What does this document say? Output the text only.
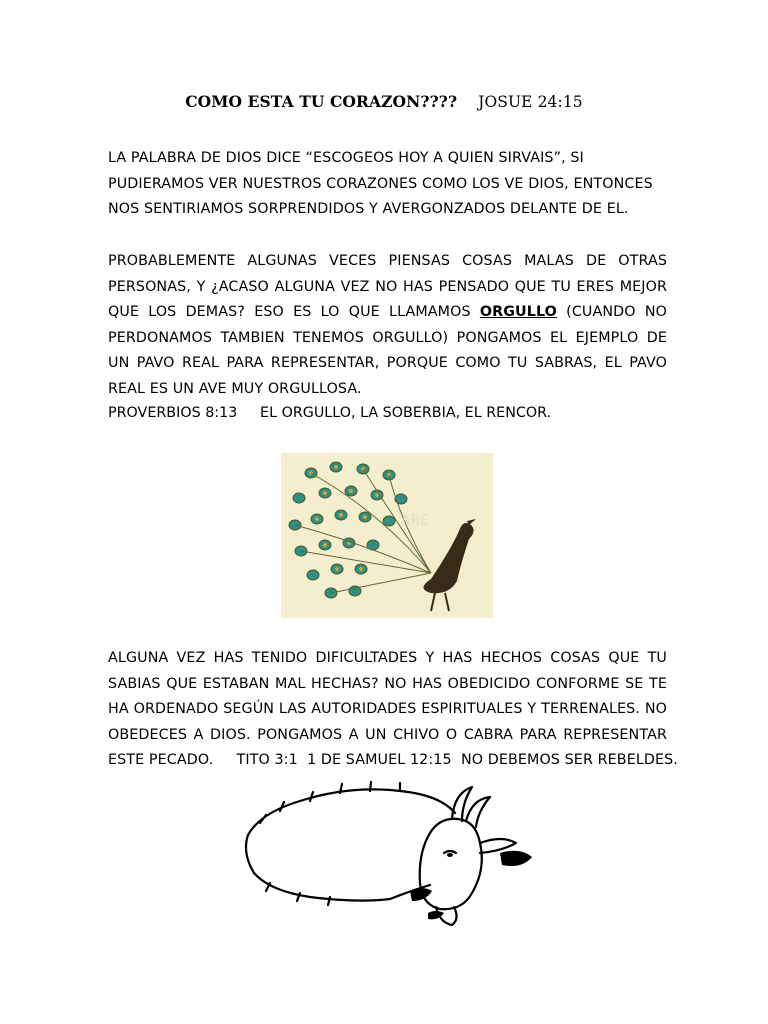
COMO ESTA TU CORAZON???? JOSUE 24:15
LA PALABRA DE DIOS DICE “ESCOGEOS HOY A QUIEN SIRVAIS”, SI
PUDIERAMOS VER NUESTROS CORAZONES COMO LOS VE DIOS, ENTONCES
NOS SENTIRIAMOS SORPRENDIDOS Y AVERGONZADOS DELANTE DE EL.
PROBABLEMENTE ALGUNAS VECES PIENSAS COSAS MALAS DE OTRAS
PERSONAS, Y ¿ACASO ALGUNA VEZ NO HAS PENSADO QUE TU ERES MEJOR
QUE LOS DEMAS? ESO ES LO QUE LLAMAMOS ORGULLO (CUANDO NO
PERDONAMOS TAMBIEN TENEMOS ORGULLO) PONGAMOS EL EJEMPLO DE
UN PAVO REAL PARA REPRESENTAR, PORQUE COMO TU SABRAS, EL PAVO
REAL ES UN AVE MUY ORGULLOSA.
PROVERBIOS 8:13     EL ORGULLO, LA SOBERBIA, EL RENCOR.
ARE
ALGUNA VEZ HAS TENIDO DIFICULTADES Y HAS HECHOS COSAS QUE TU
SABIAS QUE ESTABAN MAL HECHAS? NO HAS OBEDICIDO CONFORME SE TE
HA ORDENADO SEGÚN LAS AUTORIDADES ESPIRITUALES Y TERRENALES. NO
OBEDECES A DIOS. PONGAMOS A UN CHIVO O CABRA PARA REPRESENTAR
ESTE PECADO.     TITO 3:1  1 DE SAMUEL 12:15  NO DEBEMOS SER REBELDES.
